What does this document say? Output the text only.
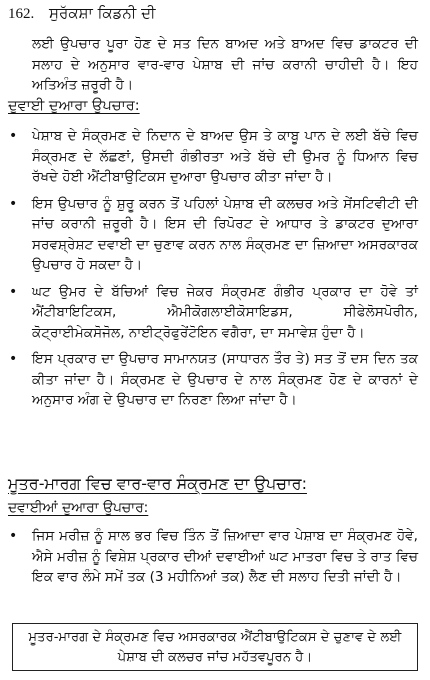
162. ਸੁਰੱਕਸ਼ਾ ਕਿਡਨੀ ਦੀ
ਲਈ ਉਪਚਾਰ ਪੂਰਾ ਹੋਣ ਦੇ ਸਤ ਦਿਨ ਬਾਅਦ ਅਤੇ ਬਾਅਦ ਵਿਚ ਡਾਕਟਰ ਦੀ ਸਲਾਹ ਦੇ ਅਨੁਸਾਰ ਵਾਰ-ਵਾਰ ਪੇਸ਼ਾਬ ਦੀ ਜਾਂਚ ਕਰਾਨੀ ਚਾਹੀਦੀ ਹੈ। ਇਹ ਅਤਿਅੰਤ ਜ਼ਰੂਰੀ ਹੈ।
ਦੁਵਾਈ ਦੁਆਰਾ ਉਪਚਾਰ:
• ਪੇਸ਼ਾਬ ਦੇ ਸੰਕ੍ਰਮਣ ਦੇ ਨਿਦਾਨ ਦੇ ਬਾਅਦ ਉਸ ਤੇ ਕਾਬੂ ਪਾਨ ਦੇ ਲਈ ਬੱਚੇ ਵਿਚ ਸੰਕ੍ਰਮਣ ਦੇ ਲੱਛਣਾਂ, ਉਸਦੀ ਗੰਭੀਰਤਾ ਅਤੇ ਬੱਚੇ ਦੀ ਉਮਰ ਨੂੰ ਧਿਆਨ ਵਿਚ ਰੱਖਦੇ ਹੋਈ ਐਂਟੀਬਾਉਟਿਕਸ ਦੁਆਰਾ ਉਪਚਾਰ ਕੀਤਾ ਜਾਂਦਾ ਹੈ।
• ਇਸ ਉਪਚਾਰ ਨੂੰ ਸ਼ੁਰੂ ਕਰਨ ਤੋਂ ਪਹਿਲਾਂ ਪੇਸ਼ਾਬ ਦੀ ਕਲਚਰ ਅਤੇ ਸੇਂਸਟਿਵੀਟੀ ਦੀ ਜਾਂਚ ਕਰਾਨੀ ਜ਼ਰੂਰੀ ਹੈ। ਇਸ ਦੀ ਰਿਪੋਰਟ ਦੇ ਆਧਾਰ ਤੇ ਡਾਕਟਰ ਦੁਆਰਾ ਸਰਵਸ਼੍ਰੇਸ਼ਟ ਦਵਾਈ ਦਾ ਚੁਣਾਵ ਕਰਨ ਨਾਲ ਸੰਕ੍ਰਮਣ ਦਾ ਜ਼ਿਆਦਾ ਅਸਰਕਾਰਕ ਉਪਚਾਰ ਹੋ ਸਕਦਾ ਹੈ।
• ਘਟ ਉਮਰ ਦੇ ਬੱਚਿਆਂ ਵਿਚ ਜੇਕਰ ਸੰਕ੍ਰਮਣ ਗੰਭੀਰ ਪ੍ਰਕਾਰ ਦਾ ਹੋਵੇ ਤਾਂ ਐਂਟੀਬਾਇਟਿਕਸ, ਐਮੀਕੋਗਲਾਈਕੋਸਾਇਡਸ, ਸੀਫੇਲੋਸਪੋਰੀਨ, ਕੋਟ੍ਰਾਈਮੇਕਸੋਜੋਲ, ਨਾਈਟ੍ਰੋਫੁਰੇਂਟੋਇਨ ਵਗੈਰਾ, ਦਾ ਸਮਾਵੇਸ਼ ਹੁੰਦਾ ਹੈ।
• ਇਸ ਪ੍ਰਕਾਰ ਦਾ ਉਪਚਾਰ ਸਾਮਾਨਯਤ (ਸਾਧਾਰਨ ਤੌਰ ਤੇ) ਸਤ ਤੋਂ ਦਸ ਦਿਨ ਤਕ ਕੀਤਾ ਜਾਂਦਾ ਹੈ। ਸੰਕ੍ਰਮਣ ਦੇ ਉਪਚਾਰ ਦੇ ਨਾਲ ਸੰਕ੍ਰਮਣ ਹੋਣ ਦੇ ਕਾਰਨਾਂ ਦੇ ਅਨੁਸਾਰ ਅੰਗ ਦੇ ਉਪਚਾਰ ਦਾ ਨਿਰਣਾ ਲਿਆ ਜਾਂਦਾ ਹੈ।
ਮੂਤਰ-ਮਾਰਗ ਵਿਚ ਵਾਰ-ਵਾਰ ਸੰਕ੍ਰਮਣ ਦਾ ਉਪਚਾਰ:
ਦਵਾਈਆਂ ਦੁਆਰਾ ਉਪਚਾਰ:
• ਜਿਸ ਮਰੀਜ਼ ਨੂੰ ਸਾਲ ਭਰ ਵਿਚ ਤਿੰਨ ਤੋਂ ਜ਼ਿਆਦਾ ਵਾਰ ਪੇਸ਼ਾਬ ਦਾ ਸੰਕ੍ਰਮਣ ਹੋਵੇ, ਐਸੇ ਮਰੀਜ਼ ਨੂੰ ਵਿਸ਼ੇਸ਼ ਪ੍ਰਕਾਰ ਦੀਆਂ ਦਵਾਈਆਂ ਘਟ ਮਾਤਰਾ ਵਿਚ ਤੇ ਰਾਤ ਵਿਚ ਇਕ ਵਾਰ ਲੰਮੇ ਸਮੇਂ ਤਕ (3 ਮਹੀਨਿਆਂ ਤਕ) ਲੈਣ ਦੀ ਸਲਾਹ ਦਿਤੀ ਜਾਂਦੀ ਹੈ।
ਮੂਤਰ-ਮਾਰਗ ਦੇ ਸੰਕ੍ਰਮਣ ਵਿਚ ਅਸਰਕਾਰਕ ਐਂਟੀਬਾਉਟਿਕਸ ਦੇ ਚੁਣਾਵ ਦੇ ਲਈ ਪੇਸ਼ਾਬ ਦੀ ਕਲਚਰ ਜਾਂਚ ਮਹੱਤਵਪੂਰਨ ਹੈ।
